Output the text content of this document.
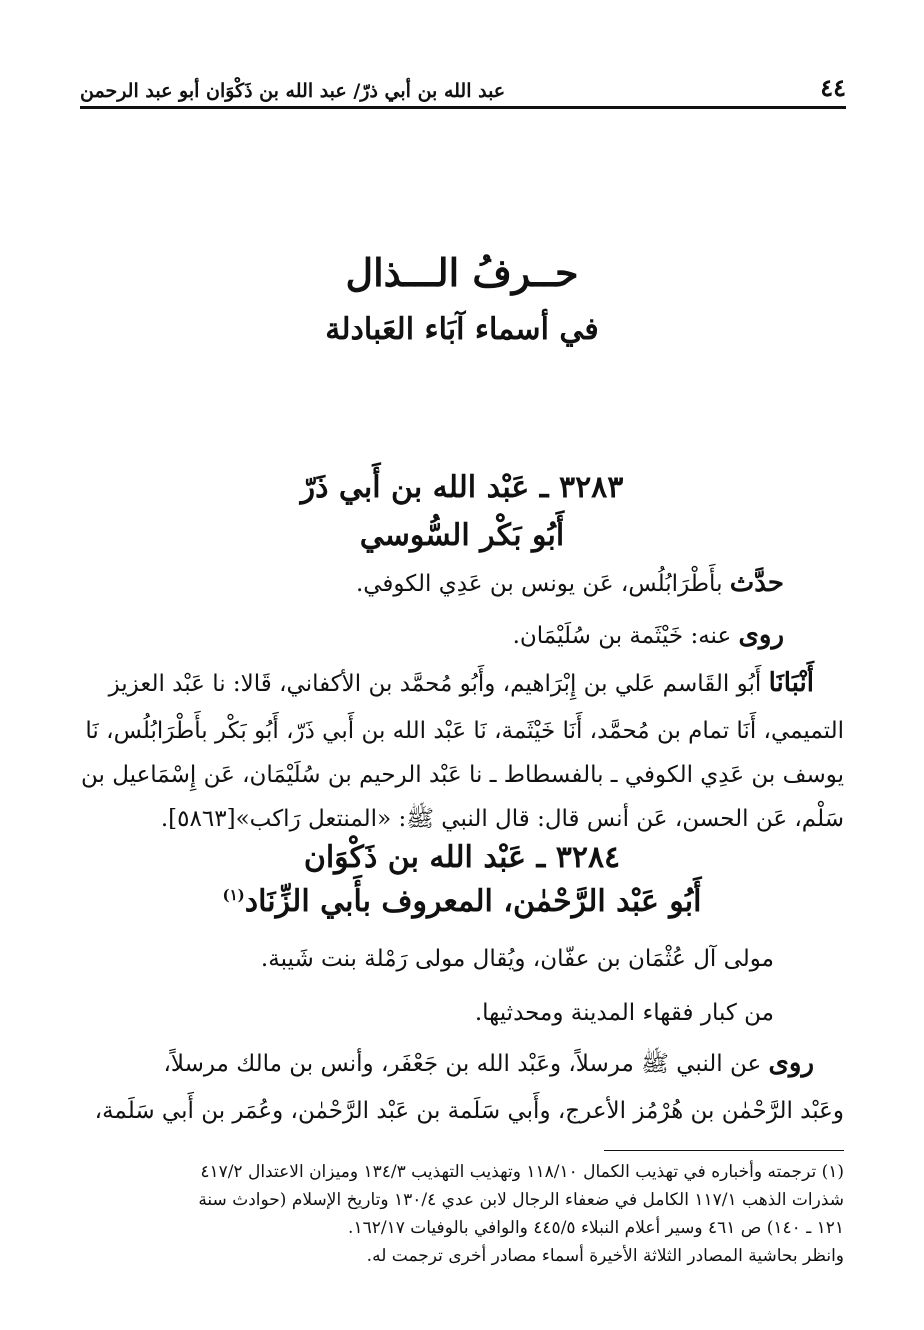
٤٤
عبد الله بن أبي ذرّ/ عبد الله بن ذَكْوَان أبو عبد الرحمن
حــرفُ الـــذال
في أسماء آبَاء العَبادلة
٣٢٨٣ ـ عَبْد الله بن أَبي ذَرّ
أَبُو بَكْر السُّوسي
حدَّث بأَطْرَابُلُس، عَن يونس بن عَدِي الكوفي.
روى عنه: خَيْثَمة بن سُلَيْمَان.
أَنْبَانَا أَبُو القَاسم عَلي بن إِبْرَاهيم، وأَبُو مُحمَّد بن الأكفاني، قَالا: نا عَبْد العزيز
التميمي، أَنَا تمام بن مُحمَّد، أَنَا خَيْثَمة، نَا عَبْد الله بن أَبي ذَرّ، أَبُو بَكْر بأَطْرَابُلُس، نَا
يوسف بن عَدِي الكوفي ـ بالفسطاط ـ نا عَبْد الرحيم بن سُلَيْمَان، عَن إِسْمَاعيل بن
سَلْم، عَن الحسن، عَن أنس قال: قال النبي ﷺ: «المنتعل رَاكب»[٥٨٦٣].
٣٢٨٤ ـ عَبْد الله بن ذَكْوَان
أَبُو عَبْد الرَّحْمٰن، المعروف بأَبي الزِّنَاد$^{(١)}$
مولى آل عُثْمَان بن عفّان، ويُقال مولى رَمْلة بنت شَيبة.
من كبار فقهاء المدينة ومحدثيها.
روى عن النبي ﷺ مرسلاً، وعَبْد الله بن جَعْفَر، وأنس بن مالك مرسلاً،
وعَبْد الرَّحْمٰن بن هُرْمُز الأعرج، وأَبي سَلَمة بن عَبْد الرَّحْمٰن، وعُمَر بن أَبي سَلَمة،
(١) ترجمته وأخباره في تهذيب الكمال ١١٨/١٠ وتهذيب التهذيب ١٣٤/٣ وميزان الاعتدال ٤١٧/٢
شذرات الذهب ١١٧/١ الكامل في ضعفاء الرجال لابن عدي ١٣٠/٤ وتاريخ الإسلام (حوادث سنة
١٢١ ـ ١٤٠) ص ٤٦١ وسير أعلام النبلاء ٤٤٥/٥ والوافي بالوفيات ١٦٢/١٧.
وانظر بحاشية المصادر الثلاثة الأخيرة أسماء مصادر أخرى ترجمت له.
